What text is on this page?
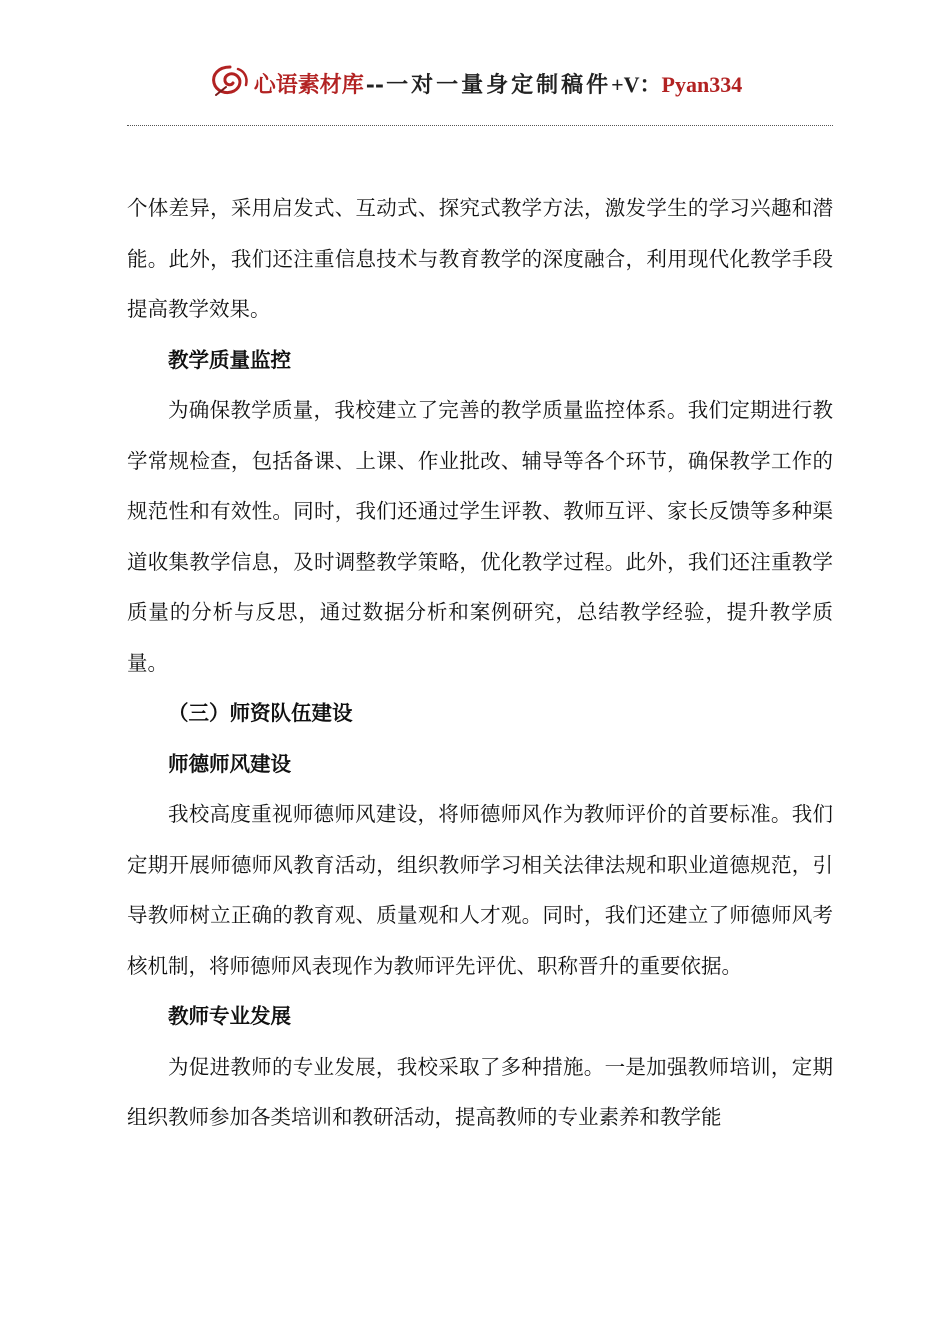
心语素材库--一对一量身定制稿件+V：Pyan334

个体差异，采用启发式、互动式、探究式教学方法，激发学生的学习兴趣和潜能。此外，我们还注重信息技术与教育教学的深度融合，利用现代化教学手段提高教学效果。

教学质量监控

为确保教学质量，我校建立了完善的教学质量监控体系。我们定期进行教学常规检查，包括备课、上课、作业批改、辅导等各个环节，确保教学工作的规范性和有效性。同时，我们还通过学生评教、教师互评、家长反馈等多种渠道收集教学信息，及时调整教学策略，优化教学过程。此外，我们还注重教学质量的分析与反思，通过数据分析和案例研究，总结教学经验，提升教学质量。

（三）师资队伍建设

师德师风建设

我校高度重视师德师风建设，将师德师风作为教师评价的首要标准。我们定期开展师德师风教育活动，组织教师学习相关法律法规和职业道德规范，引导教师树立正确的教育观、质量观和人才观。同时，我们还建立了师德师风考核机制，将师德师风表现作为教师评先评优、职称晋升的重要依据。

教师专业发展

为促进教师的专业发展，我校采取了多种措施。一是加强教师培训，定期组织教师参加各类培训和教研活动，提高教师的专业素养和教学能
